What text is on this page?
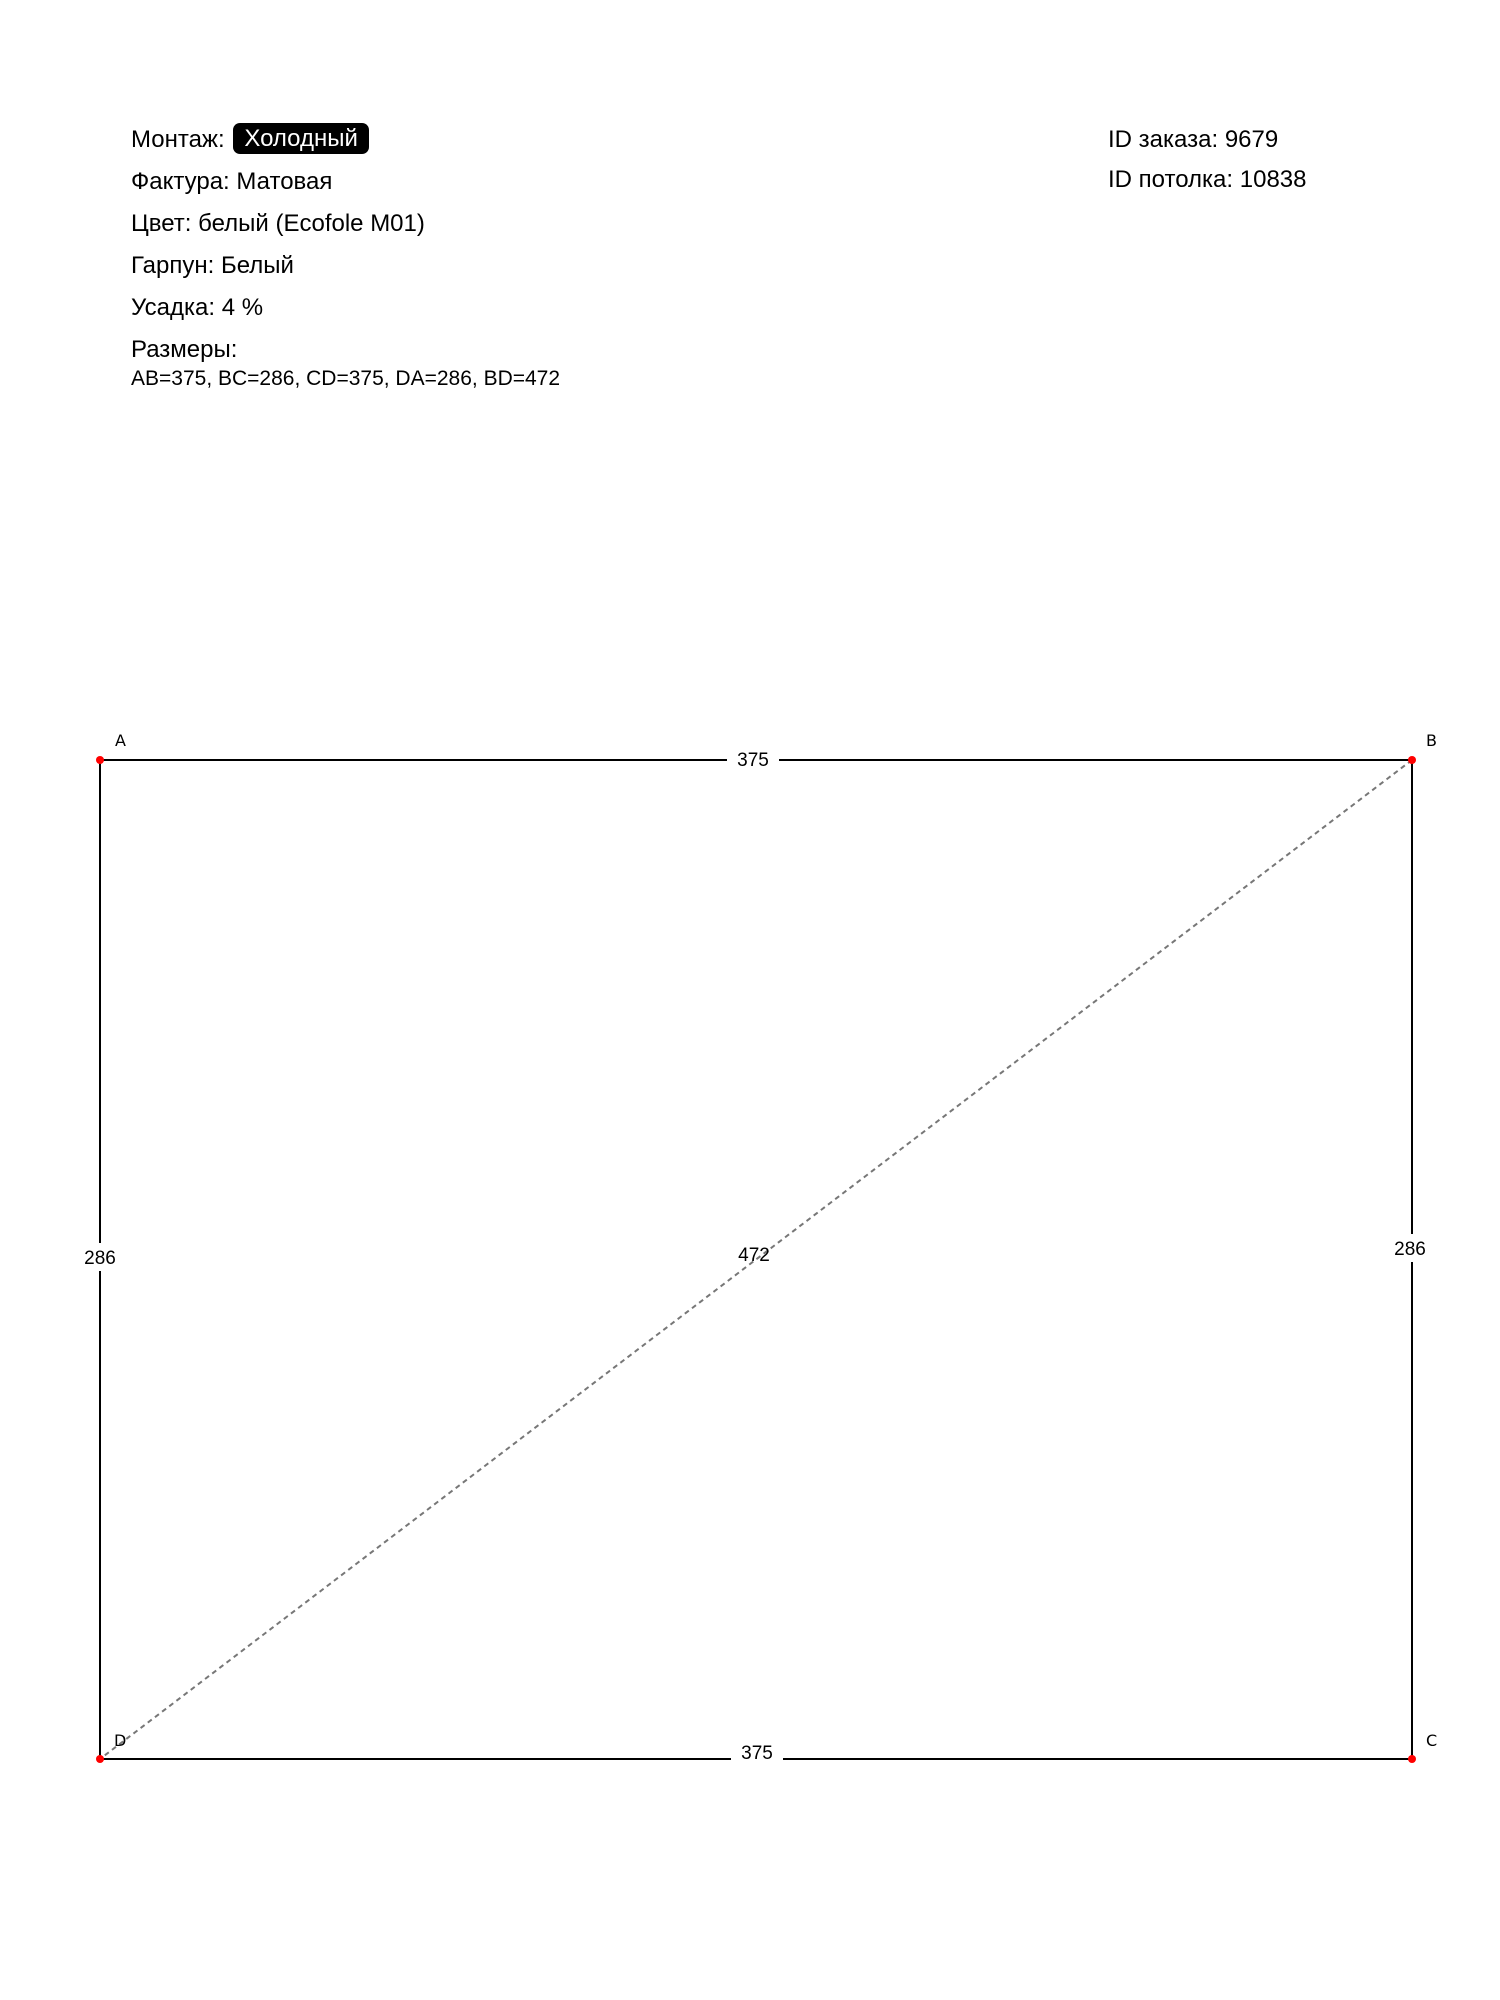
Монтаж: Холодный
Фактура: Матовая
Цвет: белый (Ecofole M01)
Гарпун: Белый
Усадка: 4 %
Размеры:
AB=375, BC=286, CD=375, DA=286, BD=472
ID заказа: 9679
ID потолка: 10838
375
286
375
286	472
A	B
C
D
